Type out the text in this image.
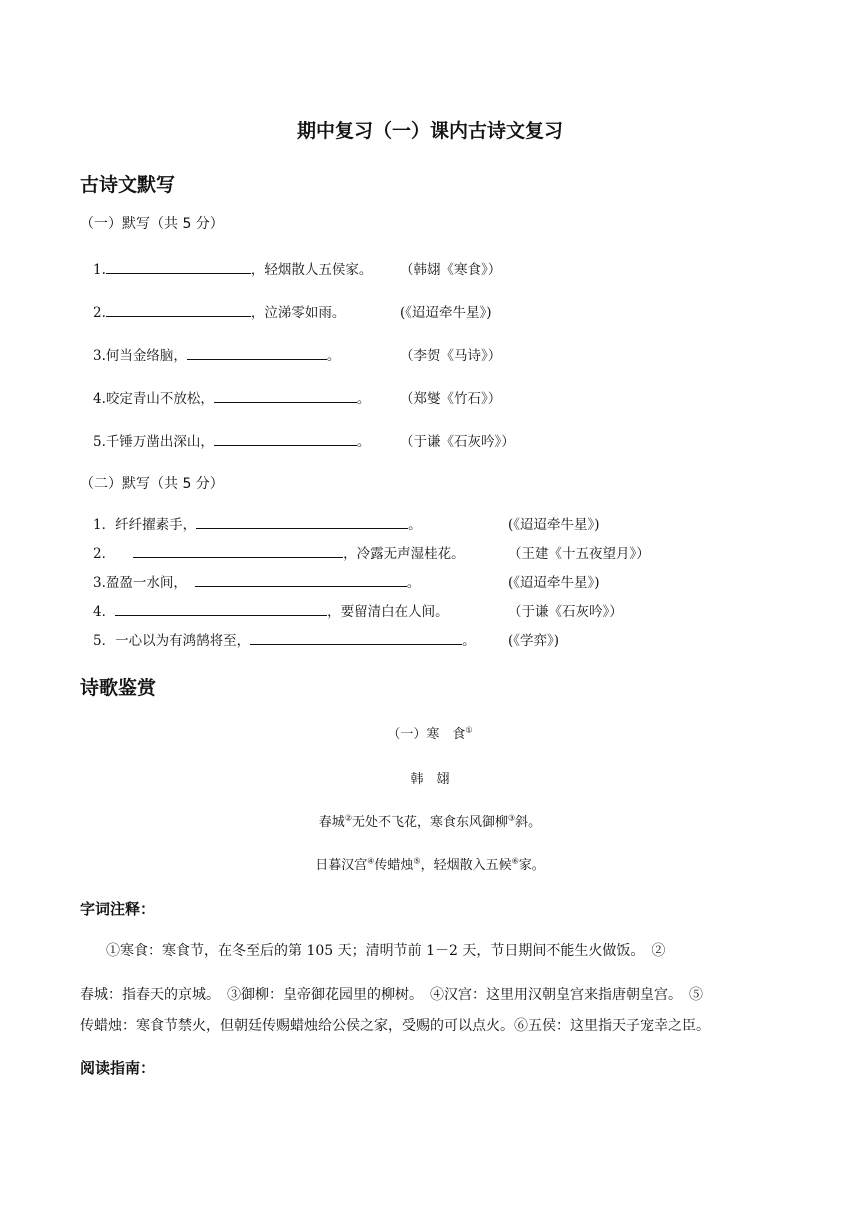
期中复习（一）课内古诗文复习
古诗文默写
（一）默写（共 5 分）
1.	，轻烟散人五侯家。 （韩翃《寒食》）
2.	，泣涕零如雨。	(《迢迢牵牛星》)
3.何当金络脑，	。	（李贺《马诗》）
4.咬定青山不放松，	。 （郑燮《竹石》）
5.千锤万凿出深山，	。 （于谦《石灰吟》）
（二）默写（共 5 分）
1．纤纤擢素手，	。	(《迢迢牵牛星》)
2．	，冷露无声湿桂花。	（王建《十五夜望月》）
3.盈盈一水间，	。	(《迢迢牵牛星》)
4．	，要留清白在人间。	（于谦《石灰吟》）
5．一心以为有鸿鹄将至，	。 (《学弈》)
诗歌鉴赏
（一）寒　食①
韩　翃
春城②无处不飞花，寒食东风御柳③斜。
日暮汉宫④传蜡烛⑤，轻烟散入五候⑥家。
字词注释：
①寒食：寒食节，在冬至后的第 105 天；清明节前 1－2 天，节日期间不能生火做饭。　②
春城：指春天的京城。　③御柳：皇帝御花园里的柳树。　④汉宫：这里用汉朝皇宫来指唐朝皇宫。　⑤
传蜡烛：寒食节禁火，但朝廷传赐蜡烛给公侯之家，受赐的可以点火。⑥五侯：这里指天子宠幸之臣。
阅读指南：
